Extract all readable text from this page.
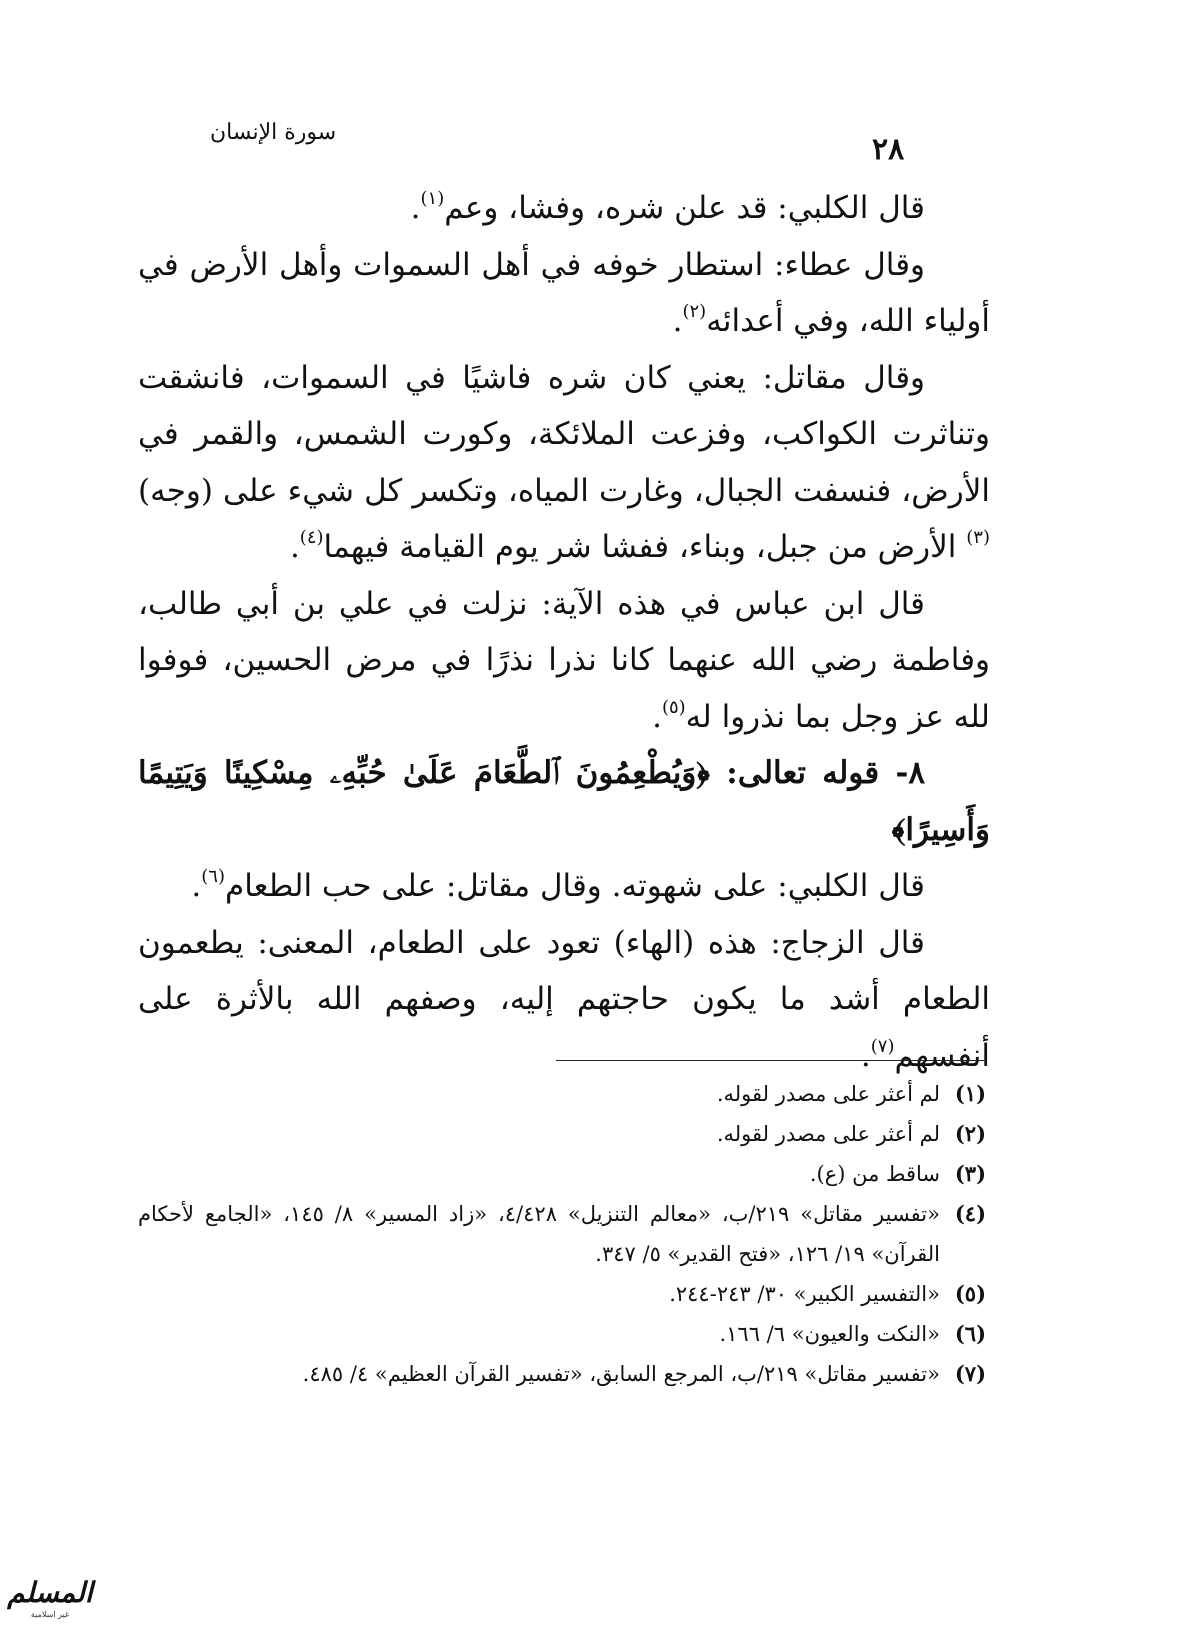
سورة الإنسان	٢٨

قال الكلبي: قد علن شره، وفشا، وعم$^{(١)}$.

وقال عطاء: استطار خوفه في أهل السموات وأهل الأرض في أولياء الله، وفي أعدائه$^{(٢)}$.

وقال مقاتل: يعني كان شره فاشيًا في السموات، فانشقت وتناثرت الكواكب، وفزعت الملائكة، وكورت الشمس، والقمر في الأرض، فنسفت الجبال، وغارت المياه، وتكسر كل شيء على (وجه)$^{(٣)}$ الأرض من جبل، وبناء، ففشا شر يوم القيامة فيهما$^{(٤)}$.

قال ابن عباس في هذه الآية: نزلت في علي بن أبي طالب، وفاطمة رضي الله عنهما كانا نذرا نذرًا في مرض الحسين، فوفوا لله عز وجل بما نذروا له$^{(٥)}$.

٨- قوله تعالى: ﴿وَيُطْعِمُونَ ٱلطَّعَامَ عَلَىٰ حُبِّهِۦ مِسْكِينًا وَيَتِيمًا وَأَسِيرًا﴾

قال الكلبي: على شهوته. وقال مقاتل: على حب الطعام$^{(٦)}$.

قال الزجاج: هذه (الهاء) تعود على الطعام، المعنى: يطعمون الطعام أشد ما يكون حاجتهم إليه، وصفهم الله بالأثرة على أنفسهم$^{(٧)}$.

(١)
لم أعثر على مصدر لقوله.

(٢)
لم أعثر على مصدر لقوله.

(٣)
ساقط من (ع).

(٤)
«تفسير مقاتل» ٢١٩/ب، «معالم التنزيل» ٤/٤٢٨، «زاد المسير» ٨/ ١٤٥، «الجامع لأحكام القرآن» ١٩/ ١٢٦، «فتح القدير» ٥/ ٣٤٧.

(٥)
«التفسير الكبير» ٣٠/ ٢٤٣-٢٤٤.

(٦)
«النكت والعيون» ٦/ ١٦٦.

(٧)
«تفسير مقاتل» ٢١٩/ب، المرجع السابق، «تفسير القرآن العظيم» ٤/ ٤٨٥.

المسلم
غير اسلامية
